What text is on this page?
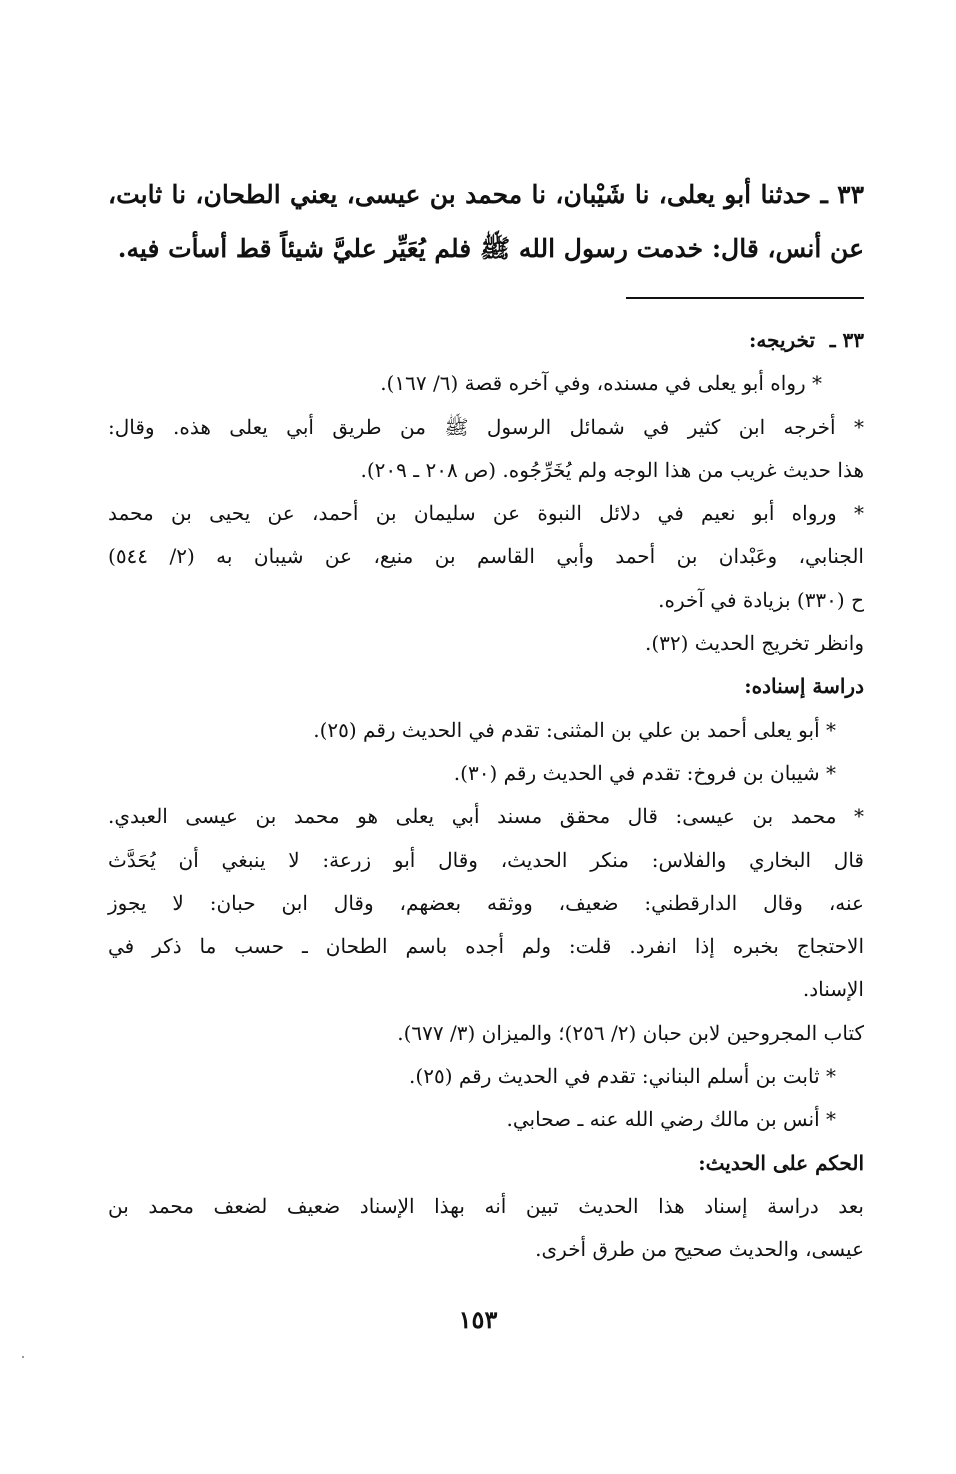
٣٣ ـ حدثنا أبو يعلى، نا شَيْبان، نا محمد بن عيسى، يعني الطحان، نا ثابت، عن أنس، قال: خدمت رسول الله ﷺ فلم يُعَيِّر عليَّ شيئاً قط أسأت فيه.
٣٣ ـ تخريجه:
* رواه أبو يعلى في مسنده، وفي آخره قصة (٦/ ١٦٧).
* أخرجه ابن كثير في شمائل الرسول ﷺ من طريق أبي يعلى هذه. وقال:
هذا حديث غريب من هذا الوجه ولم يُخَرِّجُوه. (ص ٢٠٨ ـ ٢٠٩).
* ورواه أبو نعيم في دلائل النبوة عن سليمان بن أحمد، عن يحيى بن محمد
الجنابي، وعَبْدان بن أحمد وأبي القاسم بن منيع، عن شيبان به (٢/ ٥٤٤)
ح (٣٣٠) بزيادة في آخره.
وانظر تخريج الحديث (٣٢).
دراسة إسناده:
* أبو يعلى أحمد بن علي بن المثنى: تقدم في الحديث رقم (٢٥).
* شيبان بن فروخ: تقدم في الحديث رقم (٣٠).
* محمد بن عيسى: قال محقق مسند أبي يعلى هو محمد بن عيسى العبدي.
قال البخاري والفلاس: منكر الحديث، وقال أبو زرعة: لا ينبغي أن يُحَدَّث
عنه، وقال الدارقطني: ضعيف، ووثقه بعضهم، وقال ابن حبان: لا يجوز
الاحتجاج بخبره إذا انفرد. قلت: ولم أجده باسم الطحان ـ حسب ما ذكر في
الإسناد.
كتاب المجروحين لابن حبان (٢/ ٢٥٦)؛ والميزان (٣/ ٦٧٧).
* ثابت بن أسلم البناني: تقدم في الحديث رقم (٢٥).
* أنس بن مالك رضي الله عنه ـ صحابي.
الحكم على الحديث:
بعد دراسة إسناد هذا الحديث تبين أنه بهذا الإسناد ضعيف لضعف محمد بن
عيسى، والحديث صحيح من طرق أخرى.
١٥٣
